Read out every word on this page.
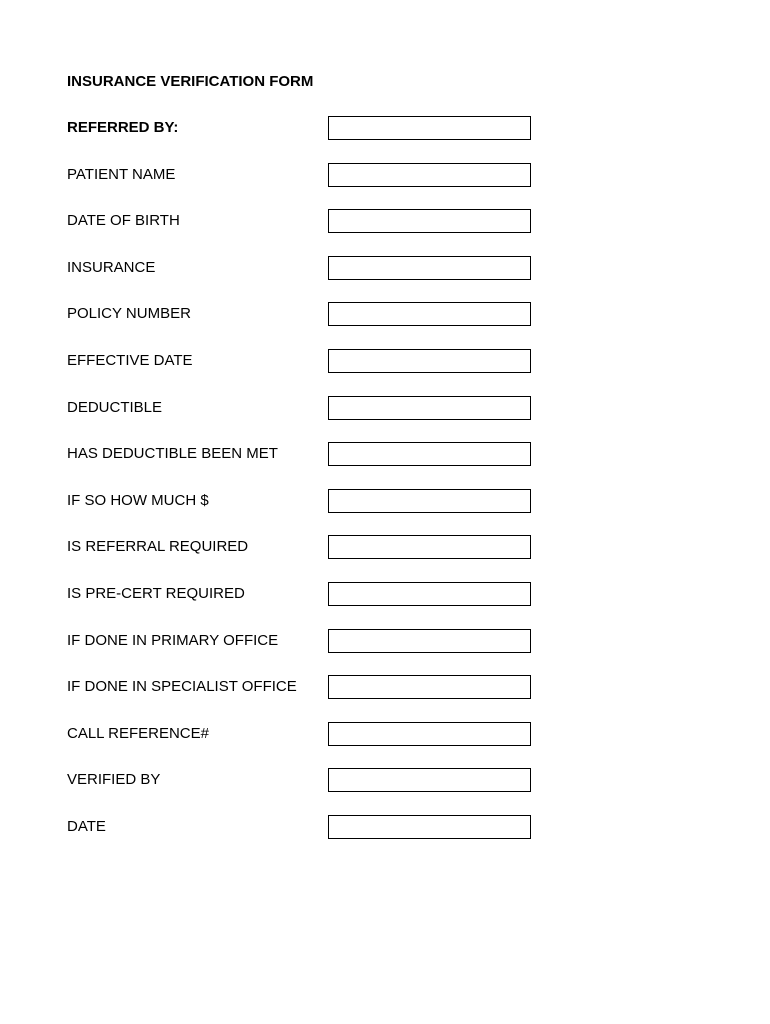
INSURANCE VERIFICATION FORM
REFERRED BY:
PATIENT NAME
DATE OF BIRTH
INSURANCE
POLICY NUMBER
EFFECTIVE DATE
DEDUCTIBLE
HAS DEDUCTIBLE BEEN MET
IF SO HOW MUCH $
IS REFERRAL REQUIRED
IS PRE-CERT REQUIRED
IF DONE IN PRIMARY OFFICE
IF DONE IN SPECIALIST OFFICE
CALL REFERENCE#
VERIFIED BY
DATE
